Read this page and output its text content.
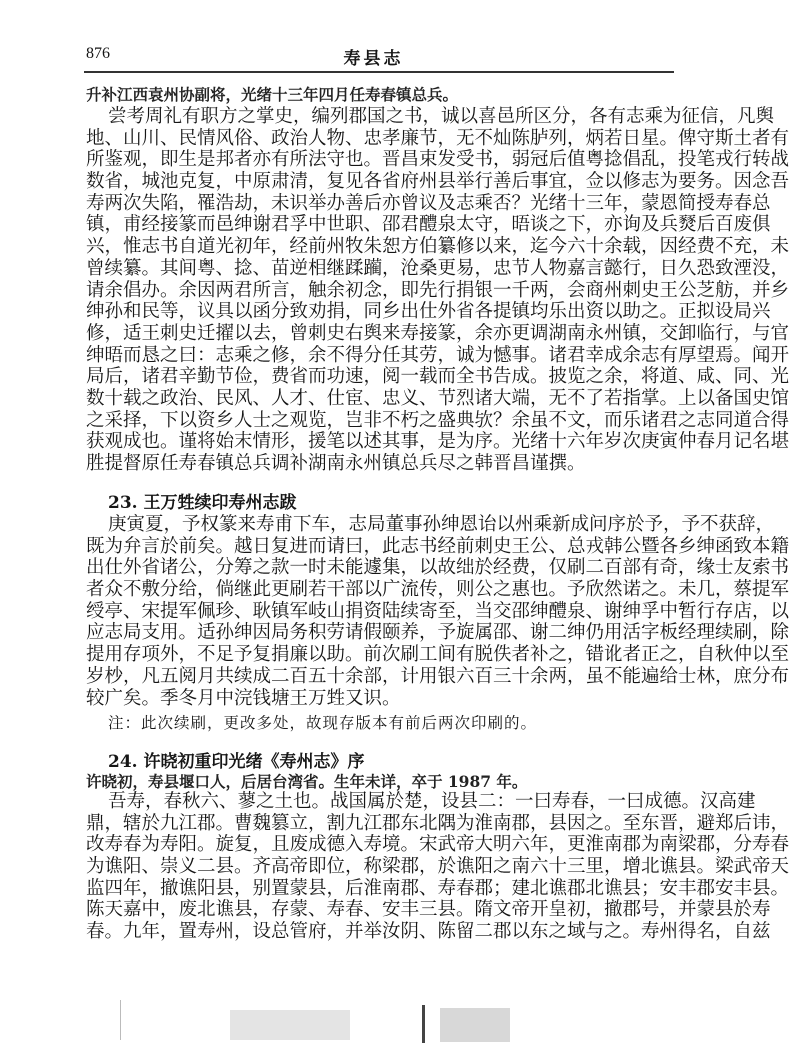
876	寿县志
升补江西袁州协副将，光绪十三年四月任寿春镇总兵。
尝考周礼有职方之掌史，编列郡国之书，诚以喜邑所区分，各有志乘为征信，凡舆
地、山川、民情风俗、政治人物、忠孝廉节，无不灿陈胪列，炳若日星。俾守斯土者有
所鉴观，即生是邦者亦有所法守也。晋昌束发受书，弱冠后值粤捻倡乱，投笔戎行转战
数省，城池克复，中原肃清，复见各省府州县举行善后事宜，佥以修志为要务。因念吾
寿两次失陷，罹浩劫，未识举办善后亦曾议及志乘否？光绪十三年，蒙恩简授寿春总
镇，甫经接篆而邑绅谢君孚中世职、邵君醴泉太守，晤谈之下，亦询及兵燹后百废俱
兴，惟志书自道光初年，经前州牧朱恕方伯纂修以来，迄今六十余载，因经费不充，未
曾续纂。其间粤、捻、苗逆相继蹂躏，沧桑更易，忠节人物嘉言懿行，日久恐致湮没，
请余倡办。余因两君所言，触余初念，即先行捐银一千两，会商州刺史王公芝舫，并乡
绅孙和民等，议具以函分致劝捐，同乡出仕外省各提镇均乐出资以助之。正拟设局兴
修，适王刺史迁擢以去，曾刺史右舆来寿接篆，余亦更调湖南永州镇，交卸临行，与官
绅晤而恳之曰：志乘之修，余不得分任其劳，诚为憾事。诸君幸成余志有厚望焉。闻开
局后，诸君辛勤节俭，费省而功速，阅一载而全书告成。披览之余，将道、咸、同、光
数十载之政治、民风、人才、仕宦、忠义、节烈诸大端，无不了若指掌。上以备国史馆
之采择，下以资乡人士之观览，岂非不朽之盛典欤？余虽不文，而乐诸君之志同道合得
获观成也。谨将始末情形，援笔以述其事，是为序。光绪十六年岁次庚寅仲春月记名堪
胜提督原任寿春镇总兵调补湖南永州镇总兵尽之韩晋昌谨撰。
23. 王万甡续印寿州志跋
庚寅夏，予权篆来寿甫下车，志局董事孙绅恩诒以州乘新成问序於予，予不获辞，
既为弁言於前矣。越日复进而请曰，此志书经前刺史王公、总戎韩公暨各乡绅函致本籍
出仕外省诸公，分筹之款一时未能遽集，以故绌於经费，仅刷二百部有奇，缘士友索书
者众不敷分给，倘继此更刷若干部以广流传，则公之惠也。予欣然诺之。未几，蔡提军
绶亭、宋提军佩珍、耿镇军岐山捐资陆续寄至，当交邵绅醴泉、谢绅孚中暂行存店，以
应志局支用。适孙绅因局务积劳请假颐养，予旋属邵、谢二绅仍用活字板经理续刷，除
提用存项外，不足予复捐廉以助。前次刷工间有脱佚者补之，错讹者正之，自秋仲以至
岁杪，凡五阅月共续成二百五十余部，计用银六百三十余两，虽不能遍给士林，庶分布
较广矣。季冬月中浣钱塘王万甡又识。
注：此次续刷，更改多处，故现存版本有前后两次印刷的。
24. 许晓初重印光绪《寿州志》序
许晓初，寿县堰口人，后居台湾省。生年未详，卒于 1987 年。
吾寿，春秋六、蓼之土也。战国属於楚，设县二：一曰寿春，一曰成德。汉高建
鼎，辖於九江郡。曹魏篡立，割九江郡东北隅为淮南郡，县因之。至东晋，避郑后讳，
改寿春为寿阳。旋复，且废成德入寿境。宋武帝大明六年，更淮南郡为南梁郡，分寿春
为谯阳、崇义二县。齐高帝即位，称梁郡，於谯阳之南六十三里，增北谯县。梁武帝天
监四年，撤谯阳县，别置蒙县，后淮南郡、寿春郡；建北谯郡北谯县；安丰郡安丰县。
陈天嘉中，废北谯县，存蒙、寿春、安丰三县。隋文帝开皇初，撤郡号，并蒙县於寿
春。九年，置寿州，设总管府，并举汝阴、陈留二郡以东之域与之。寿州得名，自兹
